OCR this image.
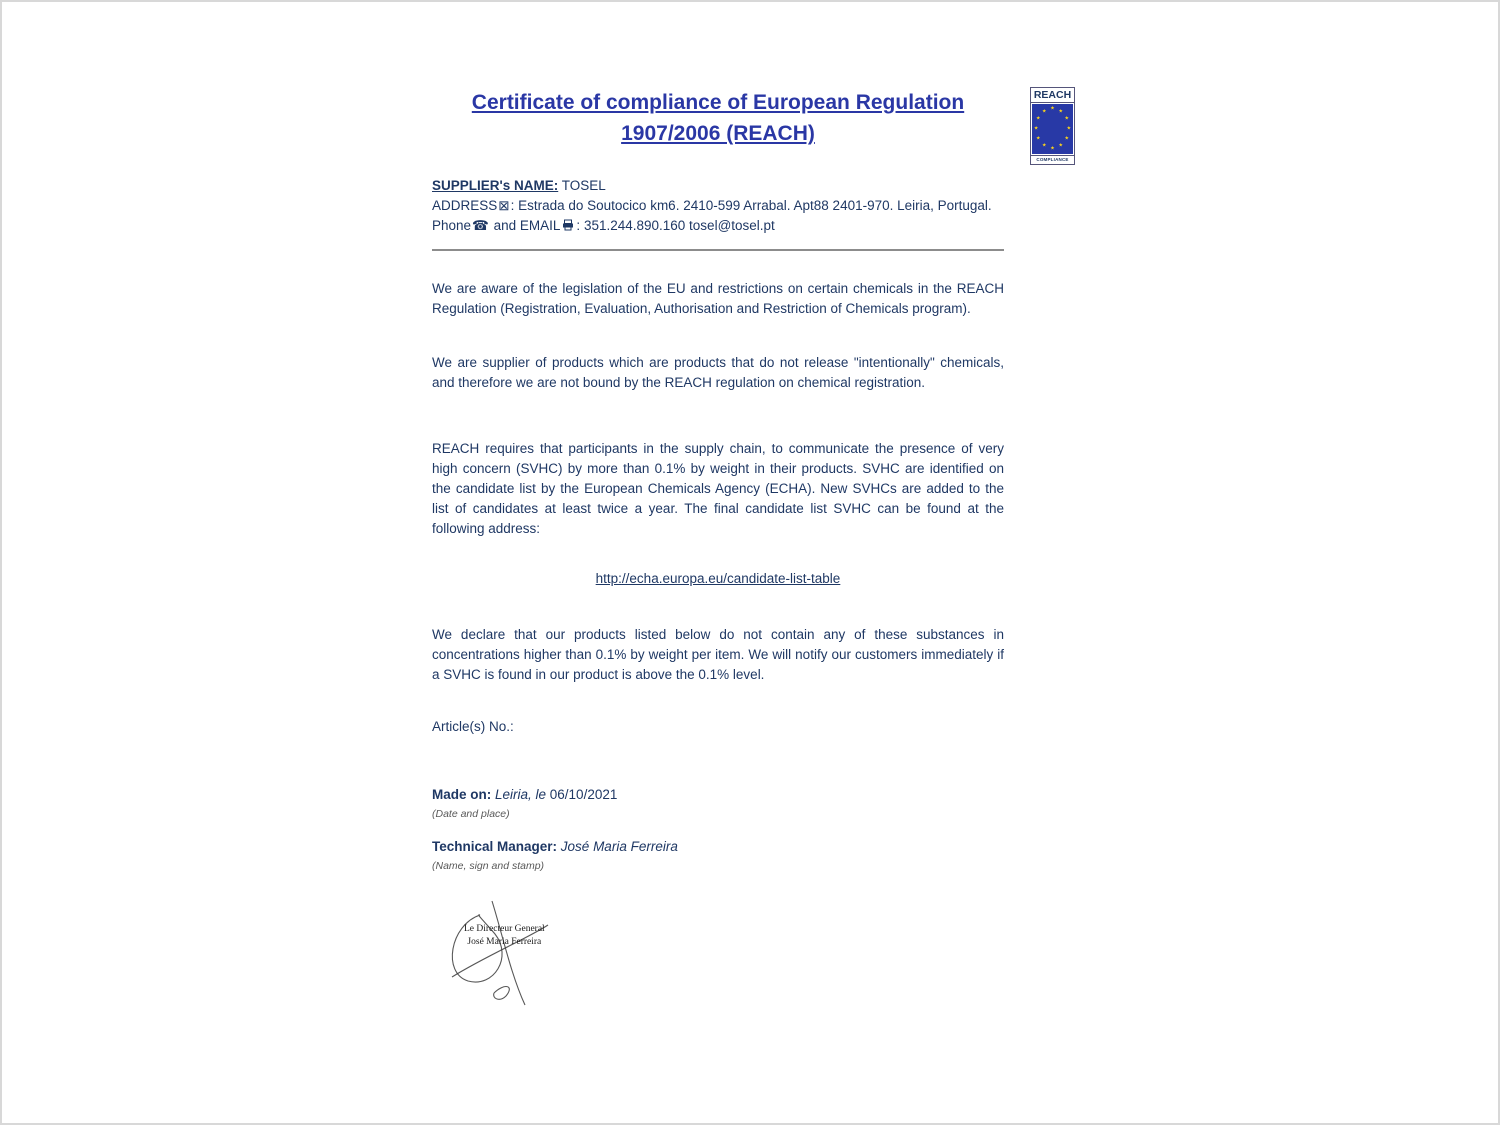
REACH
★ ★
★
★
★
★
★
★
★
★
★
★
COMPLIANCE
Certificate of compliance of European Regulation
1907/2006 (REACH)

SUPPLIER's NAME: TOSEL

ADDRESS⊠: Estrada do Soutocico km6. 2410-599 Arrabal. Apt88 2401-970. Leiria, Portugal.

Phone☎ and EMAIL : 351.244.890.160 tosel@tosel.pt

We are aware of the legislation of the EU and restrictions on certain chemicals in the REACH Regulation (Registration, Evaluation, Authorisation and Restriction of Chemicals program).

We are supplier of products which are products that do not release "intentionally" chemicals, and therefore we are not bound by the REACH regulation on chemical registration.

REACH requires that participants in the supply chain, to communicate the presence of very high concern (SVHC) by more than 0.1% by weight in their products. SVHC are identified on the candidate list by the European Chemicals Agency (ECHA). New SVHCs are added to the list of candidates at least twice a year. The final candidate list SVHC can be found at the following address:

http://echa.europa.eu/candidate-list-table

We declare that our products listed below do not contain any of these substances in concentrations higher than 0.1% by weight per item. We will notify our customers immediately if a SVHC is found in our product is above the 0.1% level.

Article(s) No.:

Made on: Leiria, le 06/10/2021

(Date and place)

Technical Manager: José Maria Ferreira

(Name, sign and stamp)

Le Directeur General
José Maria Ferreira
